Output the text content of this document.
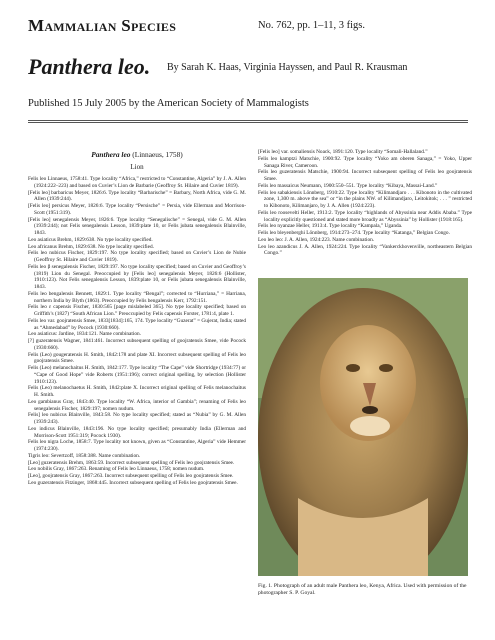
Mammalian Species	No. 762, pp. 1–11, 3 figs.
Panthera leo. By Sarah K. Haas, Virginia Hayssen, and Paul R. Krausman
Published 15 July 2005 by the American Society of Mammalogists
Panthera leo (Linnaeus, 1758)
Lion

Felis leo Linnaeus, 1758:41. Type locality “Africa,” restricted to “Constantine, Algeria” by J. A. Allen (1924:222–223) and based on Cuvier’s Lion de Barbarie (Geoffroy St. Hilaire and Cuvier 1819).

[Felis leo] barbaricus Meyer, 1826:6. Type locality “Barbarische” = Barbary, North Africa, vide G. M. Allen (1939:244).

[Felis leo] persicus Meyer, 1826:6. Type locality “Persische” = Persia, vide Ellerman and Morrison-Scott (1951:319).

[Felis leo] senegalensis Meyer, 1826:6. Type locality “Senegalische” = Senegal, vide G. M. Allen (1939:244); not Felis senegalensis Lesson, 1839:plate 10, or Felis jubata senegalensis Blainville, 1843.

Leo asiaticus Brehm, 1829:638. No type locality specified.

Leo africanus Brehm, 1829:638. No type locality specified.

Felis leo nubicus Fischer, 1829:197. No type locality specified; based on Cuvier’s Lion de Nubie (Geoffroy St. Hilaire and Cuvier 1819).

Felis leo β senegalensis Fischer, 1829:197. No type locality specified; based on Cuvier and Geoffroy’s (1819) Lion du Senegal. Preoccupied by [Felis leo] senegalensis Meyer, 1826:6 (Hollister, 1910:123). Not Felis senegalensis Lesson, 1839:plate 10, or Felis jubata senegalensis Blainville, 1843.

Felis leo bengalensis Bennett, 1829:1. Type locality “Bengal”; corrected to “Hurriana,” = Harriana, northern India by Blyth (1863). Preoccupied by Felis bengalensis Kerr, 1792:151.

Felis leo ε capensis Fischer, 1830:565 [page mislabeled 365]. No type locality specified; based on Griffith’s (1827) “South African Lion.” Preoccupied by Felis capensis Forster, 1781:4, plate 1.

Felis leo var. goojratensis Smee, 1833[1834]:165, 174. Type locality “Guzerat” = Gujerat, India; stated as “Ahmedabad” by Pocock (1930:660).

Leo asiaticus: Jardine, 1834:121. Name combination.

[?] guzeratensis Wagner, 1841:461. Incorrect subsequent spelling of goojratensis Smee, vide Pocock (1930:660).

Felis (Leo) gougeratensis H. Smith, 1842:178 and plate XI. Incorrect subsequent spelling of Felis leo goojratensis Smee.

Felis (Leo) melanochaitus H. Smith, 1842:177. Type locality “The Cape” vide Shortridge (1934:77) or “Cape of Good Hope” vide Roberts (1951:196); correct original spelling, by selection (Hollister 1910:123).

Felis (Leo) melanochaetus H. Smith, 1842:plate X. Incorrect original spelling of Felis melanochaitus H. Smith.

Leo gambianus Gray, 1843:40. Type locality “W. Africa, interior of Gambia”; renaming of Felis leo senegalensis Fischer, 1829:197; nomen nudum.

Felis] leo nubicus Blainville, 1843:58. No type locality specified; stated as “Nubia” by G. M. Allen (1939:243).

Leo indicus Blainville, 1843:196. No type locality specified; presumably India (Ellerman and Morrison-Scott 1951:319; Pocock 1930).

Felis leo nigra Loche, 1858:7. Type locality not known, given as “Constantine, Algeria” vide Hemmer (1974:230).

Tigris leo: Severtzoff, 1858:388. Name combination.

[Leo] guzeratensis Brehm, 1863:59. Incorrect subsequent spelling of Felis leo goojratensis Smee.

Leo nobilis Gray, 1867:263. Renaming of Felis leo Linnaeus, 1758; nomen nudum.

[Leo], goojratensis Gray, 1867:263. Incorrect subsequent spelling of Felis leo goojratensis Smee.

Leo guzeratensis Fitzinger, 1868:445. Incorrect subsequent spelling of Felis leo goojratensis Smee.

[Felis leo] var. somaliensis Noack, 1891:120. Type locality “Somali-Hallaland.”

Felis leo kamptzi Matschie, 1900:92. Type locality “Yoko am oberen Sanaga,” = Yoko, Upper Sanaga River, Cameroon.

Felis leo guzeratensis Matschie, 1900:94. Incorrect subsequent spelling of Felis leo goojratensis Smee.

Felis leo massaicus Neumann, 1900:550–551. Type locality “Kibaya, Massai-Land.”

Felis leo sabakiensis Lönnberg, 1910:22. Type locality “Kilimandjaro . . . Kibonoto in the cultivated zone, 1,300 m. above the sea” or “in the plains NW. of Kilimandjaro, Leitokitok; . . . ” restricted to Kibonoto, Kilimanjaro, by J. A. Allen (1924:223).

Felis leo roosevelti Heller, 1913:2. Type locality “highlands of Abyssinia near Addis Ababa.” Type locality explicitly questioned and stated more broadly as “Abyssinia” by Hollister (1918:165).

Felis leo nyanzae Heller, 1913:4. Type locality “Kampala,” Uganda.

Felis leo bleyenberghi Lönnberg, 1914:273–274. Type locality “Katanga,” Belgian Congo.

Leo leo leo: J. A. Allen, 1924:223. Name combination.

Leo leo azandicus J. A. Allen, 1924:224. Type locality “Vankerckhovenville, northeastern Belgian Congo.”

Fig. 1. Photograph of an adult male Panthera leo, Kenya, Africa. Used with permission of the photographer S. P. Goyal.
